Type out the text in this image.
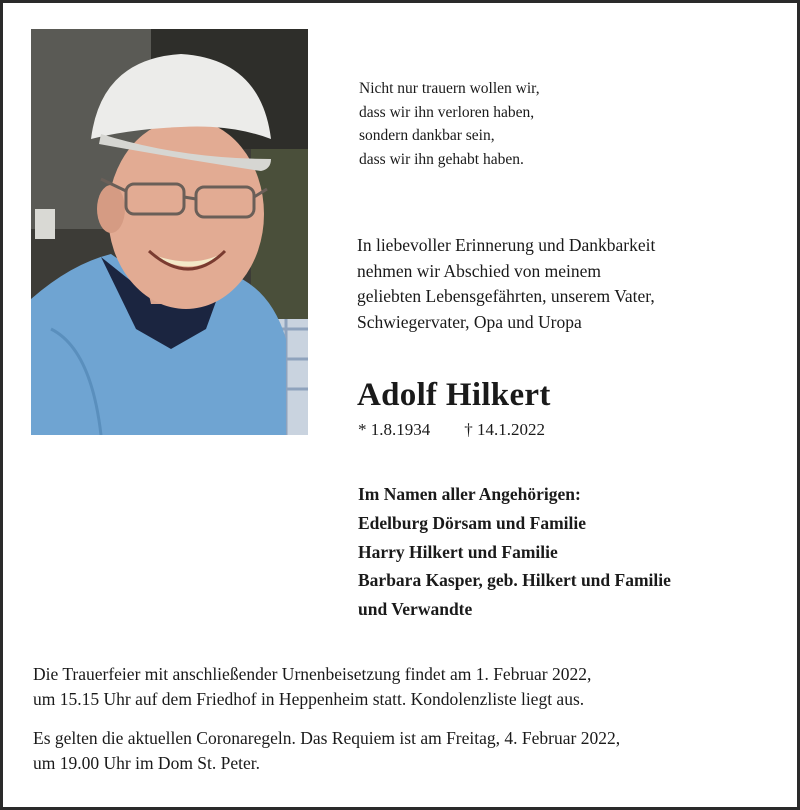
Nicht nur trauern wollen wir,
dass wir ihn verloren haben,
sondern dankbar sein,
dass wir ihn gehabt haben.
In liebevoller Erinnerung und Dankbarkeit
nehmen wir Abschied von meinem
geliebten Lebensgefährten, unserem Vater,
Schwiegervater, Opa und Uropa
Adolf Hilkert
* 1.8.1934 † 14.1.2022
Im Namen aller Angehörigen:
Edelburg Dörsam und Familie
Harry Hilkert und Familie
Barbara Kasper, geb. Hilkert und Familie
und Verwandte

Die Trauerfeier mit anschließender Urnenbeisetzung findet am 1. Februar 2022,
um 15.15 Uhr auf dem Friedhof in Heppenheim statt. Kondolenzliste liegt aus.

Es gelten die aktuellen Coronaregeln. Das Requiem ist am Freitag, 4. Februar 2022,
um 19.00 Uhr im Dom St. Peter.
